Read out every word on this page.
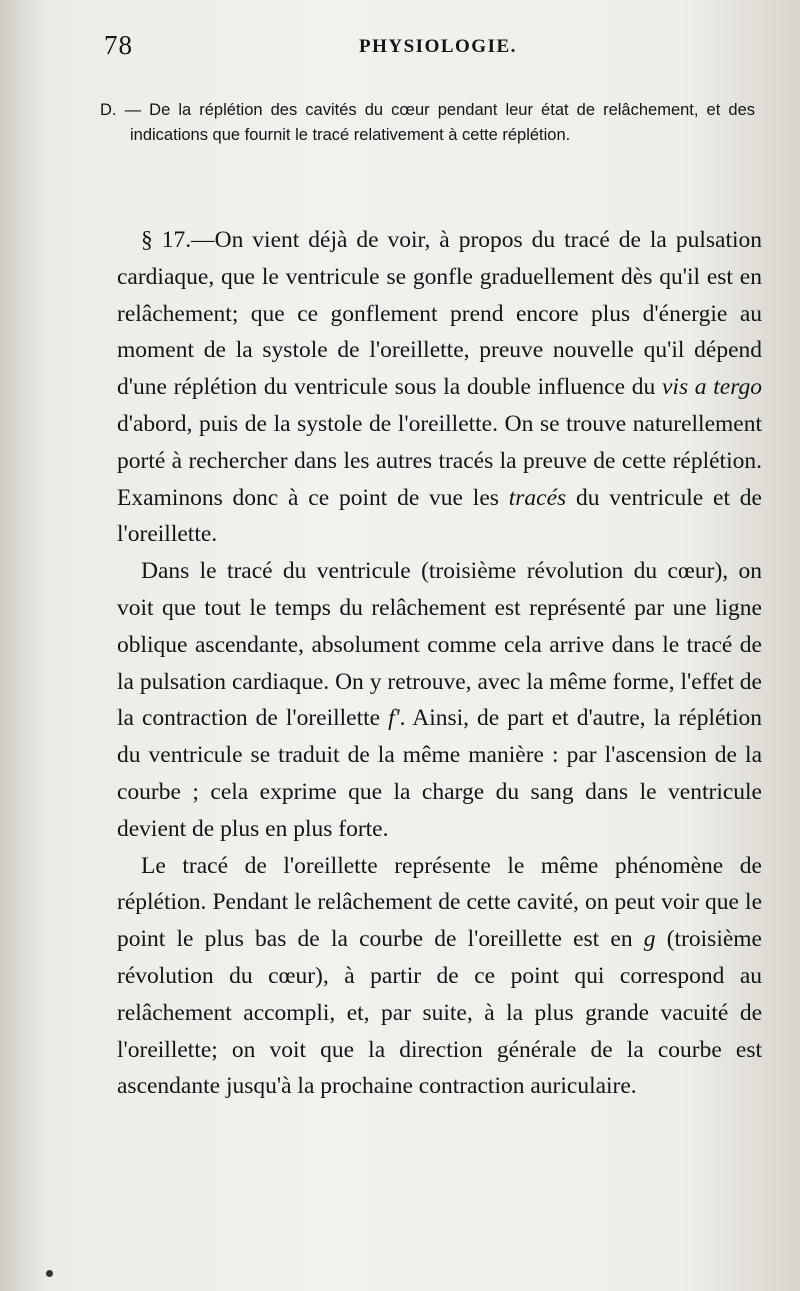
78	PHYSIOLOGIE.
D. — De la réplétion des cavités du cœur pendant leur état de relâchement, et des indications que fournit le tracé relativement à cette réplétion.

§ 17.—On vient déjà de voir, à propos du tracé de la pulsation cardiaque, que le ventricule se gonfle graduellement dès qu'il est en relâchement; que ce gonflement prend encore plus d'énergie au moment de la systole de l'oreillette, preuve nouvelle qu'il dépend d'une réplétion du ventricule sous la double influence du vis a tergo d'abord, puis de la systole de l'oreillette. On se trouve naturellement porté à rechercher dans les autres tracés la preuve de cette réplétion. Examinons donc à ce point de vue les tracés du ventricule et de l'oreillette.

Dans le tracé du ventricule (troisième révolution du cœur), on voit que tout le temps du relâchement est représenté par une ligne oblique ascendante, absolument comme cela arrive dans le tracé de la pulsation cardiaque. On y retrouve, avec la même forme, l'effet de la contraction de l'oreillette f'. Ainsi, de part et d'autre, la réplétion du ventricule se traduit de la même manière : par l'ascension de la courbe ; cela exprime que la charge du sang dans le ventricule devient de plus en plus forte.

Le tracé de l'oreillette représente le même phénomène de réplétion. Pendant le relâchement de cette cavité, on peut voir que le point le plus bas de la courbe de l'oreillette est en g (troisième révolution du cœur), à partir de ce point qui correspond au relâchement accompli, et, par suite, à la plus grande vacuité de l'oreillette; on voit que la direction générale de la courbe est ascendante jusqu'à la prochaine contraction auriculaire.
